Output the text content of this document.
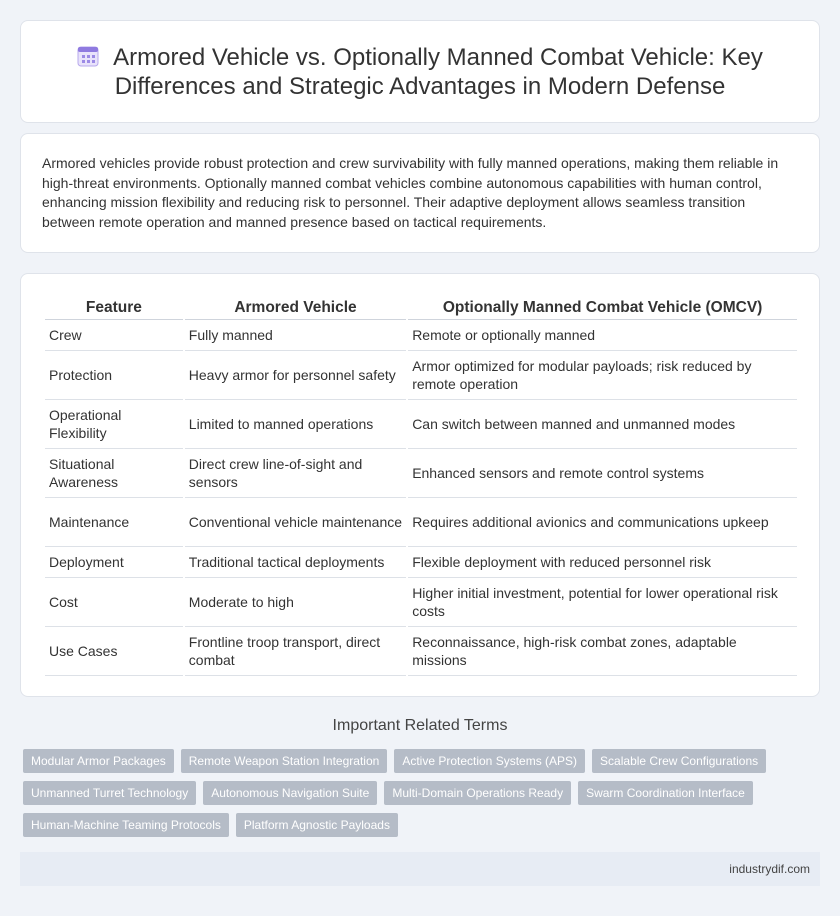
Armored Vehicle vs. Optionally Manned Combat Vehicle: Key
Differences and Strategic Advantages in Modern Defense

Armored vehicles provide robust protection and crew survivability with fully manned operations, making them reliable in high-threat environments. Optionally manned combat vehicles combine autonomous capabilities with human control, enhancing mission flexibility and reducing risk to personnel. Their adaptive deployment allows seamless transition between remote operation and manned presence based on tactical requirements.

Feature	Armored Vehicle	Optionally Manned Combat Vehicle (OMCV)
Crew	Fully manned	Remote or optionally manned
Protection	Heavy armor for personnel safety	Armor optimized for modular payloads; risk reduced by remote operation
Operational Flexibility	Limited to manned operations	Can switch between manned and unmanned modes
Situational Awareness	Direct crew line-of-sight and sensors	Enhanced sensors and remote control systems
Maintenance	Conventional vehicle maintenance	Requires additional avionics and communications upkeep
Deployment	Traditional tactical deployments	Flexible deployment with reduced personnel risk
Cost	Moderate to high	Higher initial investment, potential for lower operational risk costs
Use Cases	Frontline troop transport, direct combat	Reconnaissance, high-risk combat zones, adaptable missions
Important Related Terms
Modular Armor Packages	Remote Weapon Station Integration	Active Protection Systems (APS)	Scalable Crew Configurations
Unmanned Turret Technology	Autonomous Navigation Suite	Multi-Domain Operations Ready	Swarm Coordination Interface
Human-Machine Teaming Protocols	Platform Agnostic Payloads
industrydif.com
